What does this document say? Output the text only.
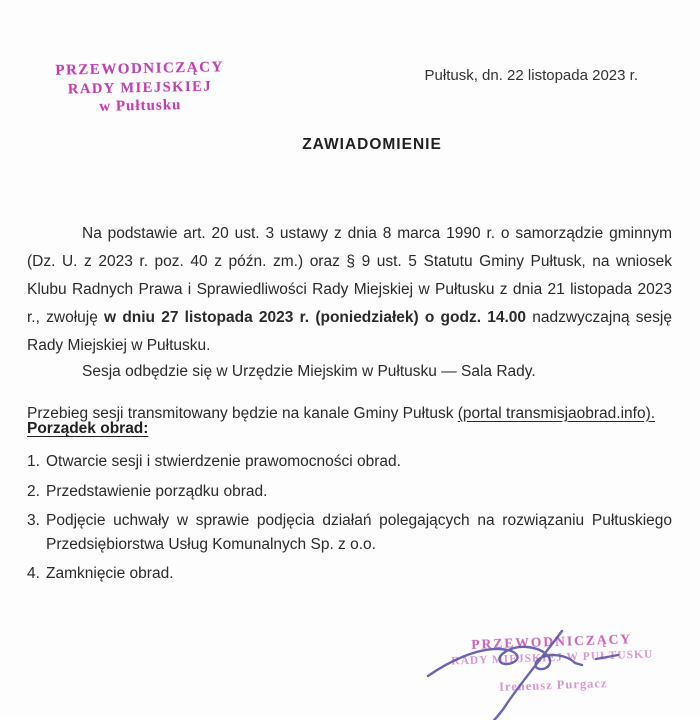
PRZEWODNICZĄCY
RADY MIEJSKIEJ
w Pułtusku
Pułtusk, dn. 22 listopada 2023 r.
ZAWIADOMIENIE

Na podstawie art. 20 ust. 3 ustawy z dnia 8 marca 1990 r. o samorządzie gminnym (Dz. U. z 2023 r. poz. 40 z późn. zm.) oraz § 9 ust. 5 Statutu Gminy Pułtusk, na wniosek Klubu Radnych Prawa i Sprawiedliwości Rady Miejskiej w Pułtusku z dnia 21 listopada 2023 r., zwołuję w dniu 27 listopada 2023 r. (poniedziałek) o godz. 14.00 nadzwyczajną sesję Rady Miejskiej w Pułtusku.

Sesja odbędzie się w Urzędzie Miejskim w Pułtusku — Sala Rady.

Przebieg sesji transmitowany będzie na kanale Gminy Pułtusk (portal transmisjaobrad.info).

Porządek obrad:
1. Otwarcie sesji i stwierdzenie prawomocności obrad.
2. Przedstawienie porządku obrad.
3. Podjęcie uchwały w sprawie podjęcia działań polegających na rozwiązaniu Pułtuskiego Przedsiębiorstwa Usług Komunalnych Sp. z o.o.
4. Zamknięcie obrad.
PRZEWODNICZĄCY
RADY MIEJSKIEJ W PUŁTUSKU
Ireneusz Purgacz
